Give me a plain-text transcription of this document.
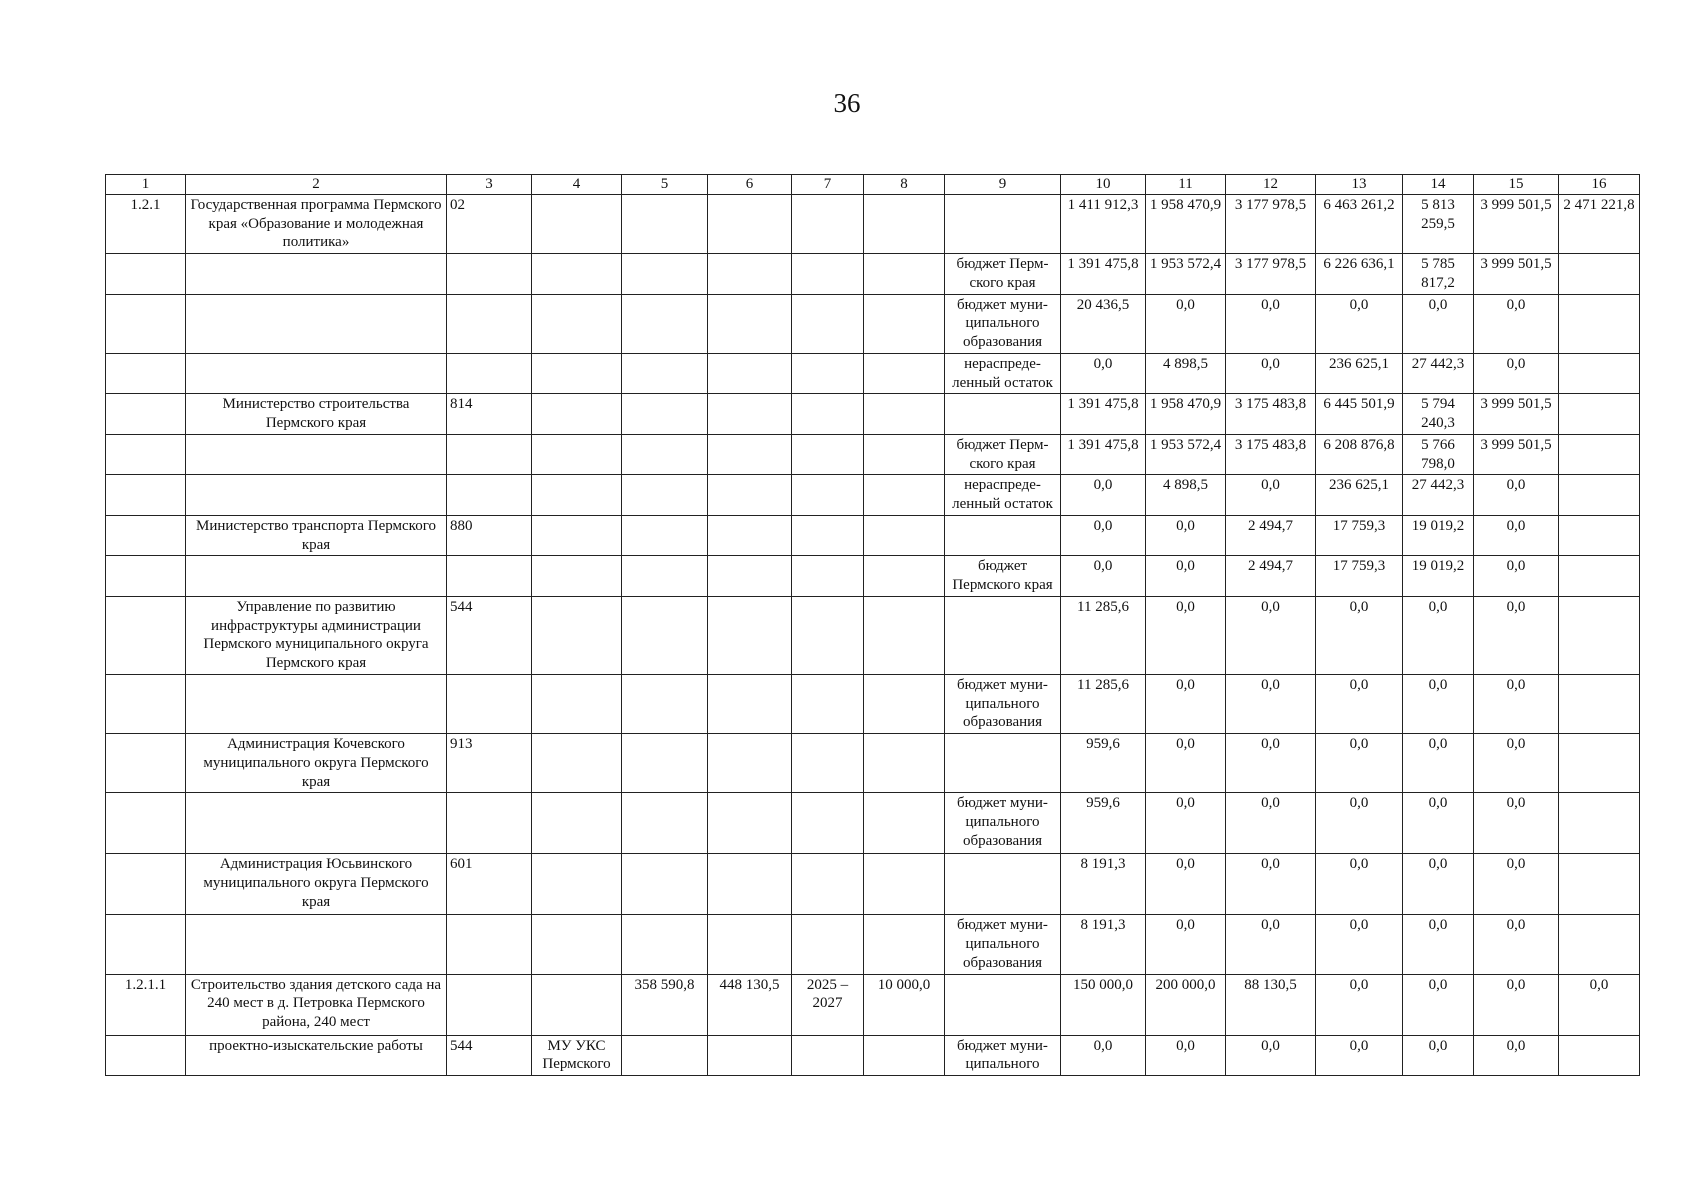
36
1	2	3	4	5	6	7	8	9	10	11	12	13	14	15	16
1.2.1	Государственная программа Пермского края «Образование и молодежная политика»	02							1 411 912,3	1 958 470,9	3 177 978,5	6 463 261,2	5 813 259,5	3 999 501,5	2 471 221,8
								бюджет Перм-ского края	1 391 475,8	1 953 572,4	3 177 978,5	6 226 636,1	5 785 817,2	3 999 501,5	
								бюджет муни-ципального образования	20 436,5	0,0	0,0	0,0	0,0	0,0	
								нераспреде-ленный остаток	0,0	4 898,5	0,0	236 625,1	27 442,3	0,0	
	Министерство строительства Пермского края	814							1 391 475,8	1 958 470,9	3 175 483,8	6 445 501,9	5 794 240,3	3 999 501,5	
								бюджет Перм-ского края	1 391 475,8	1 953 572,4	3 175 483,8	6 208 876,8	5 766 798,0	3 999 501,5	
								нераспреде-ленный остаток	0,0	4 898,5	0,0	236 625,1	27 442,3	0,0	
	Министерство транспорта Пермского края	880							0,0	0,0	2 494,7	17 759,3	19 019,2	0,0	
								бюджет Пермского края	0,0	0,0	2 494,7	17 759,3	19 019,2	0,0	
	Управление по развитию инфраструктуры администрации Пермского муниципального округа Пермского края	544							11 285,6	0,0	0,0	0,0	0,0	0,0	
								бюджет муни-ципального образования	11 285,6	0,0	0,0	0,0	0,0	0,0	
	Администрация Кочевского муниципального округа Пермского края	913							959,6	0,0	0,0	0,0	0,0	0,0	
								бюджет муни-ципального образования	959,6	0,0	0,0	0,0	0,0	0,0	
	Администрация Юсьвинского муниципального округа Пермского края	601							8 191,3	0,0	0,0	0,0	0,0	0,0	
								бюджет муни-ципального образования	8 191,3	0,0	0,0	0,0	0,0	0,0	
1.2.1.1	Строительство здания детского сада на 240 мест в д. Петровка Пермского района, 240 мест			358 590,8	448 130,5	2025 – 2027	10 000,0		150 000,0	200 000,0	88 130,5	0,0	0,0	0,0	0,0
	проектно-изыскательские работы	544	МУ УКС Пермского					бюджет муни-ципального	0,0	0,0	0,0	0,0	0,0	0,0	
